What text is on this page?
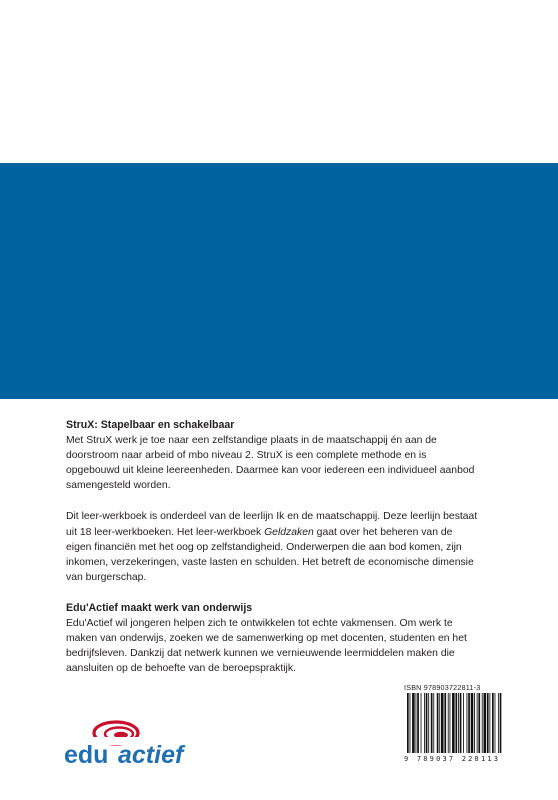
StruX: Stapelbaar en schakelbaar

Met StruX werk je toe naar een zelfstandige plaats in de maatschappij én aan de

doorstroom naar arbeid of mbo niveau 2. StruX is een complete methode en is

opgebouwd uit kleine leereenheden. Daarmee kan voor iedereen een individueel aanbod

samengesteld worden.

Dit leer-werkboek is onderdeel van de leerlijn Ik en de maatschappij. Deze leerlijn bestaat

uit 18 leer-werkboeken. Het leer-werkboek Geldzaken gaat over het beheren van de

eigen financiën met het oog op zelfstandigheid. Onderwerpen die aan bod komen, zijn

inkomen, verzekeringen, vaste lasten en schulden. Het betreft de economische dimensie

van burgerschap.

Edu'Actief maakt werk van onderwijs

Edu'Actief wil jongeren helpen zich te ontwikkelen tot echte vakmensen. Om werk te

maken van onderwijs, zoeken we de samenwerking op met docenten, studenten en het

bedrijfsleven. Dankzij dat netwerk kunnen we vernieuwende leermiddelen maken die

aansluiten op de behoefte van de beroepspraktijk.

ISBN 978903722811-3
9 789037 228113
edu actief
